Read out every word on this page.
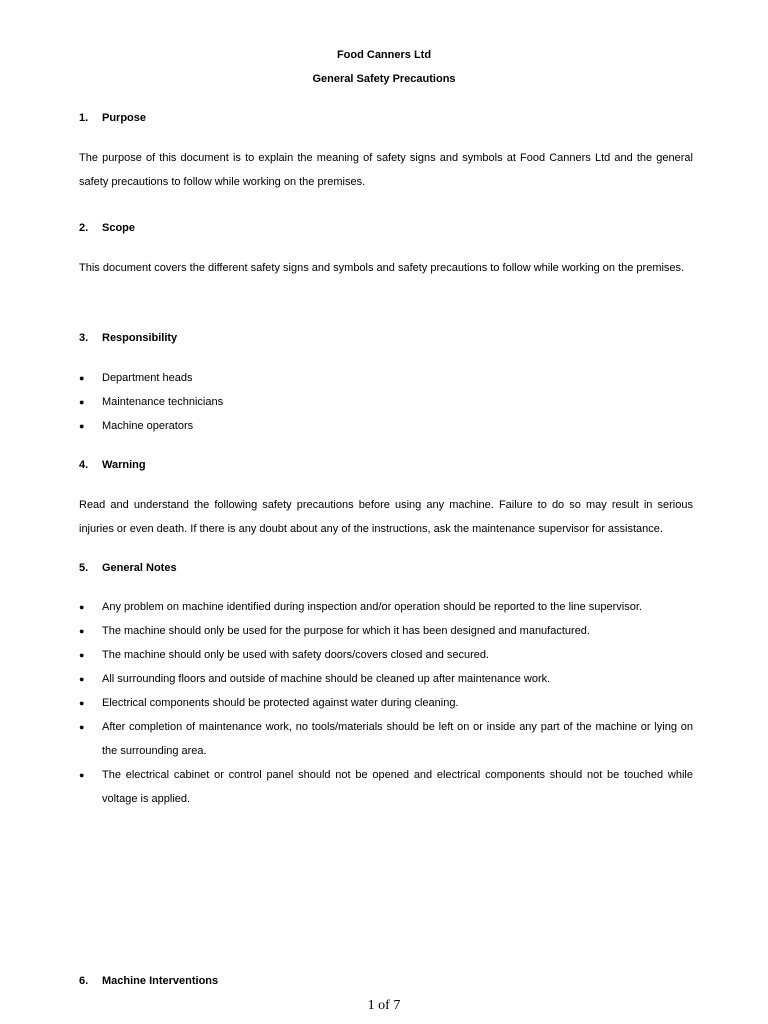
Food Canners Ltd
General Safety Precautions
1. Purpose

The purpose of this document is to explain the meaning of safety signs and symbols at Food Canners Ltd and the general safety precautions to follow while working on the premises.

2. Scope

This document covers the different safety signs and symbols and safety precautions to follow while working on the premises.

3. Responsibility
●	Department heads
●	Maintenance technicians
●	Machine operators
4. Warning

Read and understand the following safety precautions before using any machine. Failure to do so may result in serious injuries or even death. If there is any doubt about any of the instructions, ask the maintenance supervisor for assistance.

5. General Notes
●	Any problem on machine identified during inspection and/or operation should be reported to the line supervisor.
●	The machine should only be used for the purpose for which it has been designed and manufactured.
●	The machine should only be used with safety doors/covers closed and secured.
●	All surrounding floors and outside of machine should be cleaned up after maintenance work.
●	Electrical components should be protected against water during cleaning.
●	After completion of maintenance work, no tools/materials should be left on or inside any part of the machine or lying on the surrounding area.
●	The electrical cabinet or control panel should not be opened and electrical components should not be touched while voltage is applied.
6. Machine Interventions
1 of 7
